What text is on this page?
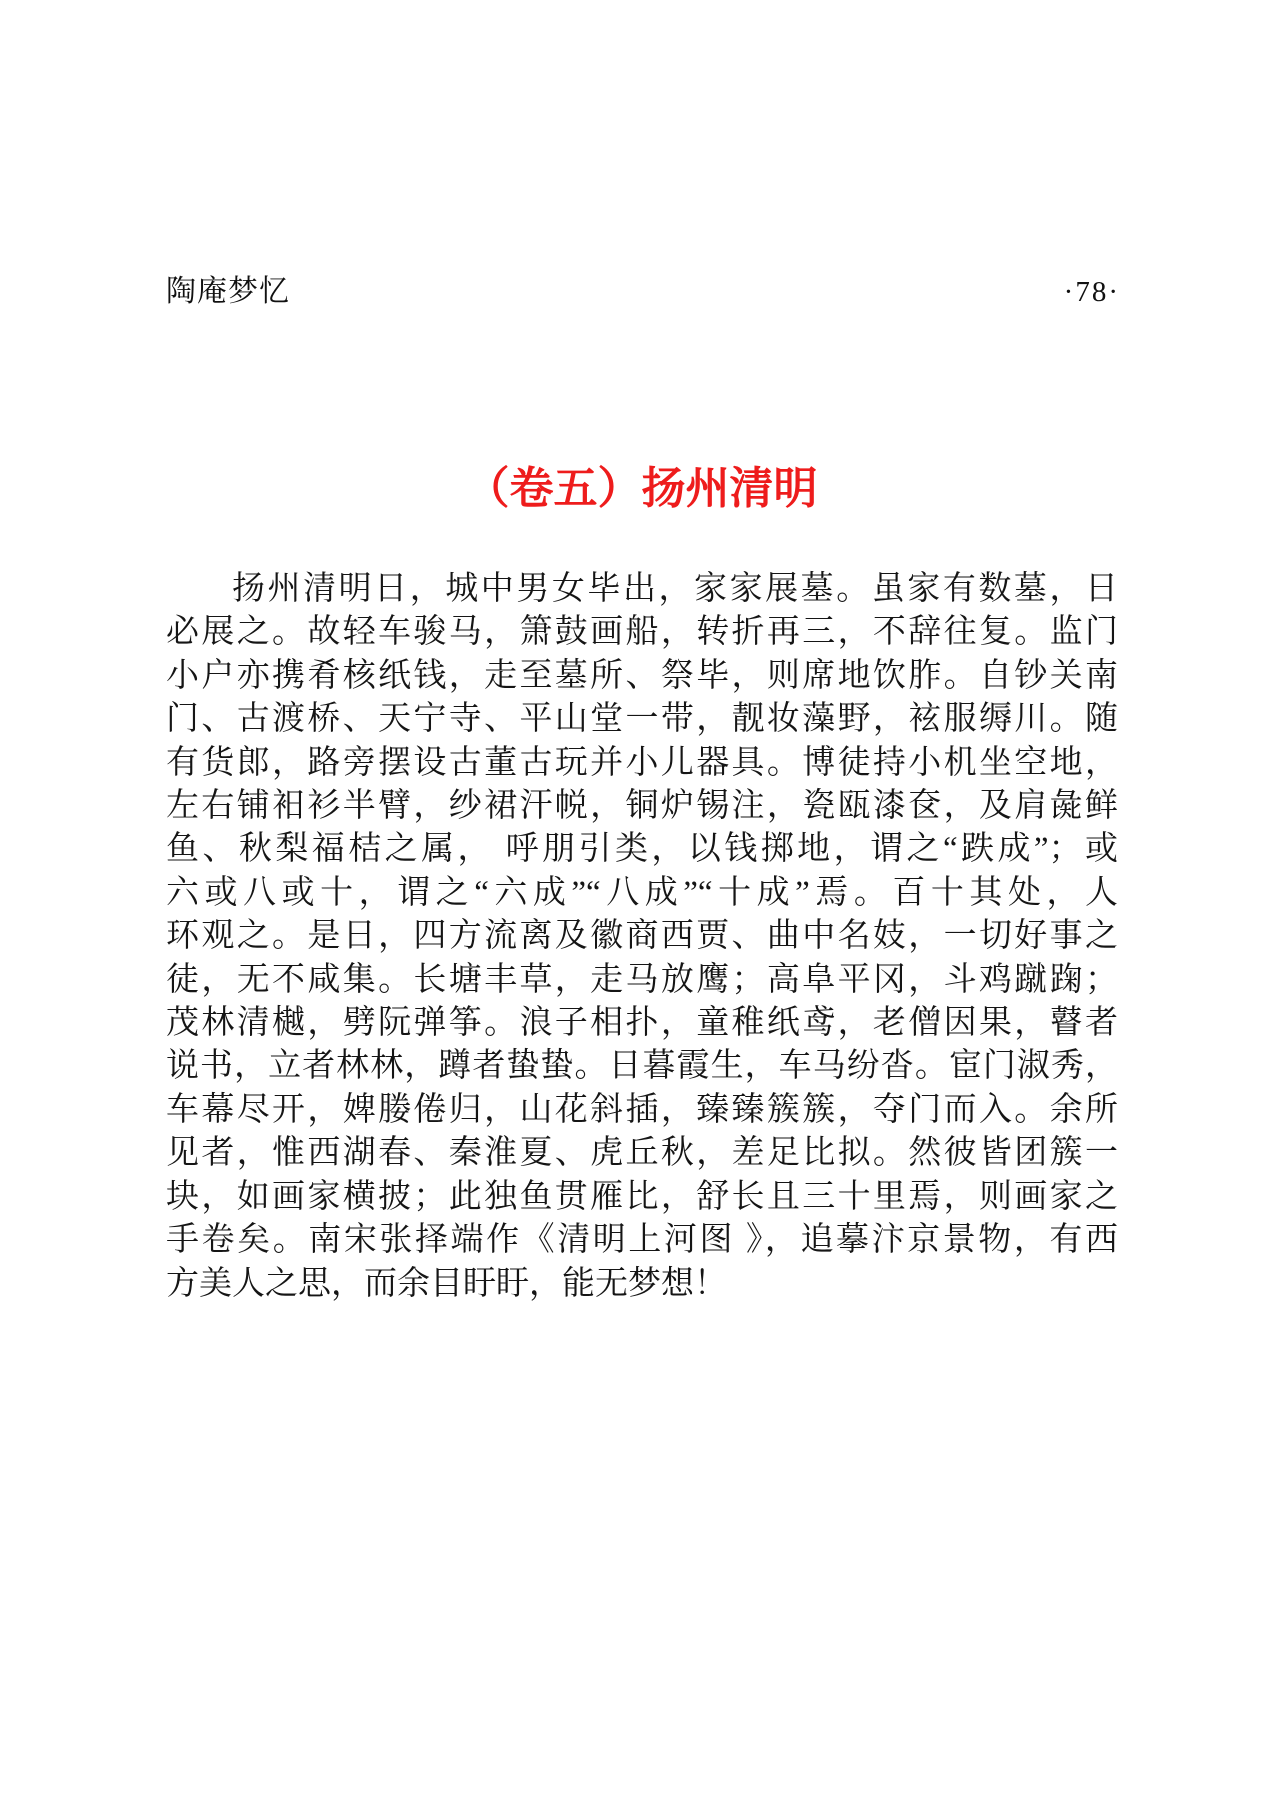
陶庵梦忆	·78·
（卷五）扬州清明

扬州清明日，城中男女毕出，家家展墓。虽家有数墓，日

必展之。故轻车骏马，箫鼓画船，转折再三，不辞往复。监门

小户亦携肴核纸钱，走至墓所、祭毕，则席地饮胙。自钞关南

门、古渡桥、天宁寺、平山堂一带，靓妆藻野，袨服缛川。随

有货郎，路旁摆设古董古玩并小儿器具。博徒持小机坐空地，

左右铺衵衫半臂，纱裙汗帨，铜炉锡注，瓷瓯漆奁，及肩彘鲜

鱼、秋梨福桔之属， 呼朋引类，以钱掷地，谓之“跌成”；或

六或八或十，谓之“六成”“八成”“十成”焉。百十其处，人

环观之。是日，四方流离及徽商西贾、曲中名妓，一切好事之

徒，无不咸集。长塘丰草，走马放鹰；高阜平冈，斗鸡蹴踘；

茂林清樾，劈阮弹筝。浪子相扑，童稚纸鸢，老僧因果，瞽者

说书，立者林林，蹲者蛰蛰。日暮霞生，车马纷沓。宦门淑秀，

车幕尽开，婢媵倦归，山花斜插，臻臻簇簇，夺门而入。余所

见者，惟西湖春、秦淮夏、虎丘秋，差足比拟。然彼皆团簇一

块，如画家横披；此独鱼贯雁比，舒长且三十里焉，则画家之

手卷矣。南宋张择端作《清明上河图 》，追摹汴京景物，有西

方美人之思，而余目盱盱，能无梦想！
